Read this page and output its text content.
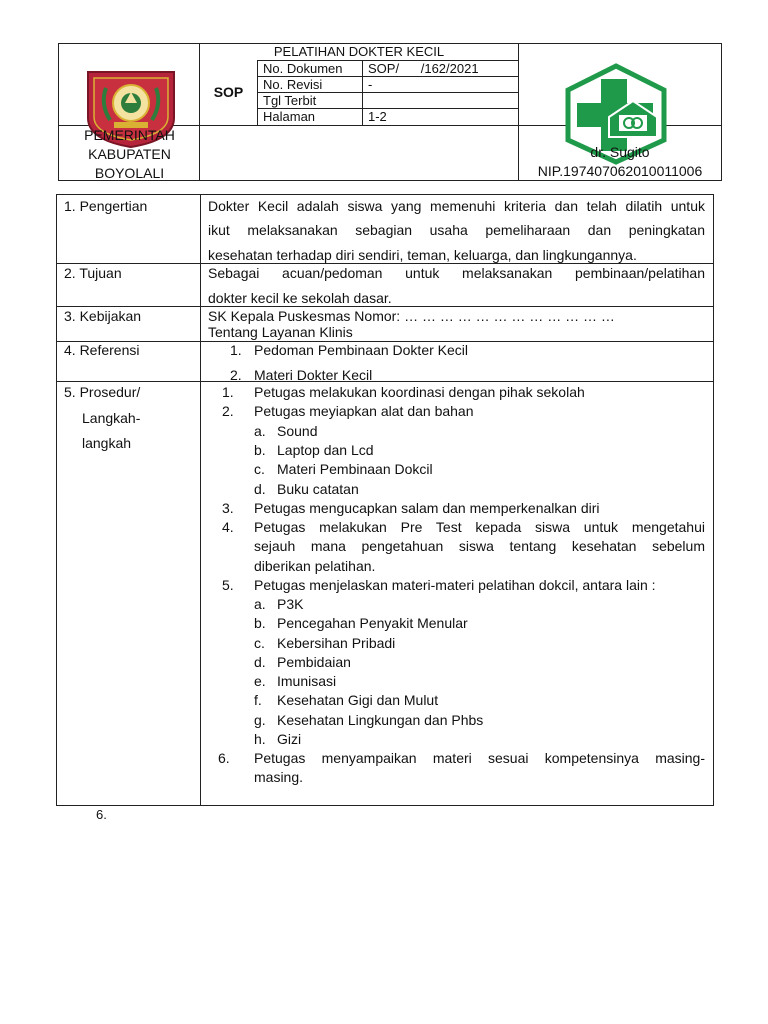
PEMERINTAH
KABUPATEN
BOYOLALI
SOP
PELATIHAN DOKTER KECIL
No. Dokumen SOP/      /162/2021
No. Revisi	-
Tgl Terbit
Halaman	1-2
dr. Sugito
NIP.197407062010011006
1. Pengertian	Dokter Kecil adalah siswa yang memenuhi kriteria dan telah dilatih untuk
ikut melaksanakan sebagian usaha pemeliharaan dan peningkatan
kesehatan terhadap diri sendiri, teman, keluarga, dan lingkungannya.
2. Tujuan	Sebagai acuan/pedoman untuk melaksanakan pembinaan/pelatihan
dokter kecil ke sekolah dasar.
3. Kebijakan	SK Kepala Puskesmas Nomor: … … … … … … … … … … … …
Tentang Layanan Klinis
4. Referensi	1. Pedoman Pembinaan Dokter Kecil
2. Materi Dokter Kecil
5. Prosedur/
Langkah-
langkah
1. Petugas melakukan koordinasi dengan pihak sekolah
2. Petugas meyiapkan alat dan bahan
a. Sound
b. Laptop dan Lcd
c. Materi Pembinaan Dokcil
d. Buku catatan
3. Petugas mengucapkan salam dan memperkenalkan diri
4. Petugas melakukan Pre Test kepada siswa untuk mengetahui
sejauh mana pengetahuan siswa tentang kesehatan sebelum
diberikan pelatihan.
5. Petugas menjelaskan materi-materi pelatihan dokcil, antara lain :
a. P3K
b. Pencegahan Penyakit Menular
c. Kebersihan Pribadi
d. Pembidaian
e. Imunisasi
f. Kesehatan Gigi dan Mulut
g. Kesehatan Lingkungan dan Phbs
h. Gizi
6. Petugas menyampaikan materi sesuai kompetensinya masing-
masing.
6.
